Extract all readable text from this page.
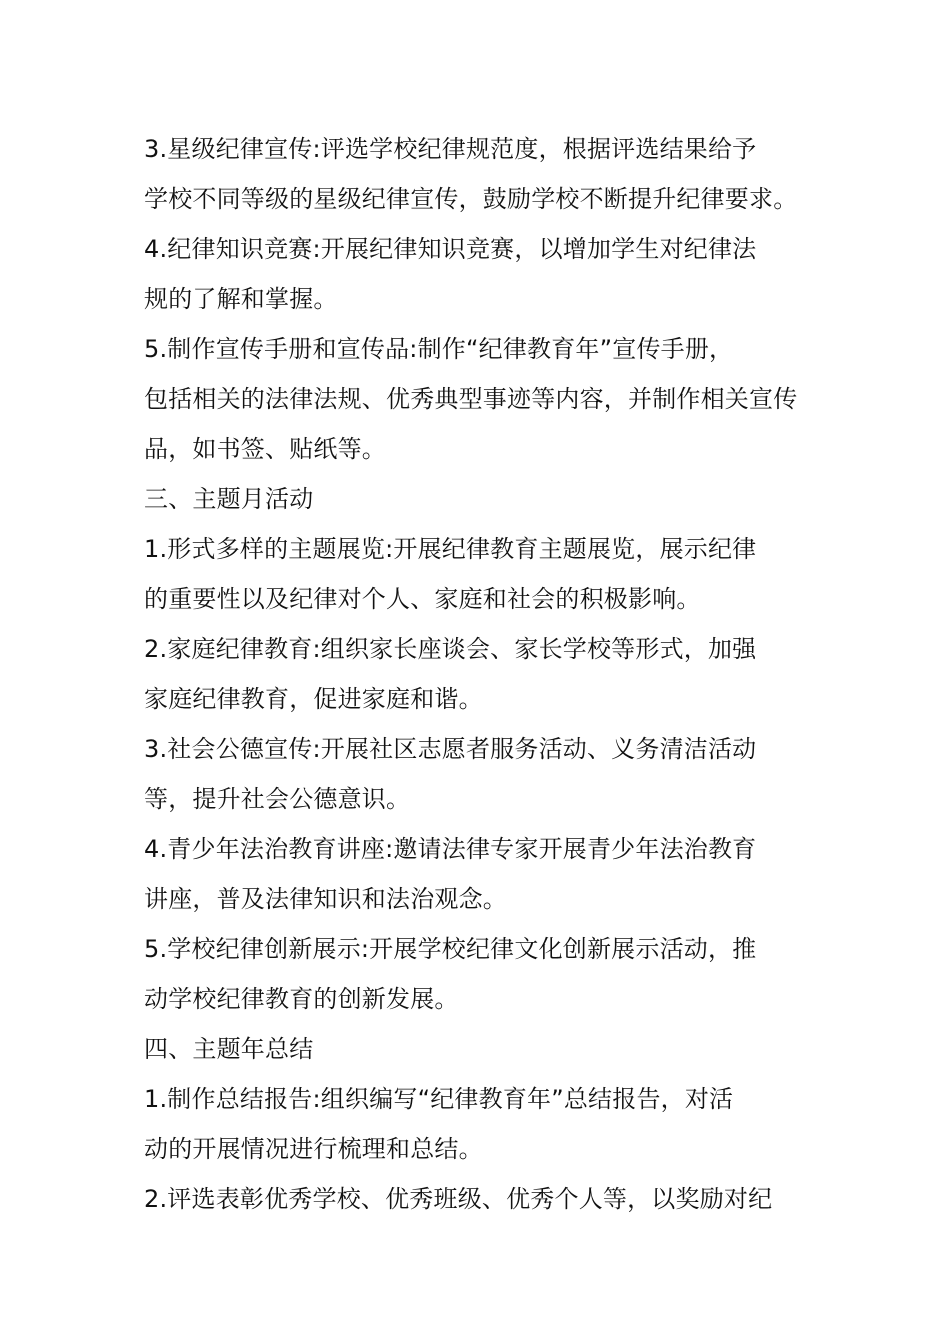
3.星级纪律宣传:评选学校纪律规范度，根据评选结果给予
学校不同等级的星级纪律宣传，鼓励学校不断提升纪律要求。
4.纪律知识竞赛:开展纪律知识竞赛，以增加学生对纪律法
规的了解和掌握。
5.制作宣传手册和宣传品:制作“纪律教育年”宣传手册，
包括相关的法律法规、优秀典型事迹等内容，并制作相关宣传
品，如书签、贴纸等。
三、主题月活动
1.形式多样的主题展览:开展纪律教育主题展览，展示纪律
的重要性以及纪律对个人、家庭和社会的积极影响。
2.家庭纪律教育:组织家长座谈会、家长学校等形式，加强
家庭纪律教育，促进家庭和谐。
3.社会公德宣传:开展社区志愿者服务活动、义务清洁活动
等，提升社会公德意识。
4.青少年法治教育讲座:邀请法律专家开展青少年法治教育
讲座，普及法律知识和法治观念。
5.学校纪律创新展示:开展学校纪律文化创新展示活动，推
动学校纪律教育的创新发展。
四、主题年总结
1.制作总结报告:组织编写“纪律教育年”总结报告，对活
动的开展情况进行梳理和总结。
2.评选表彰优秀学校、优秀班级、优秀个人等，以奖励对纪
